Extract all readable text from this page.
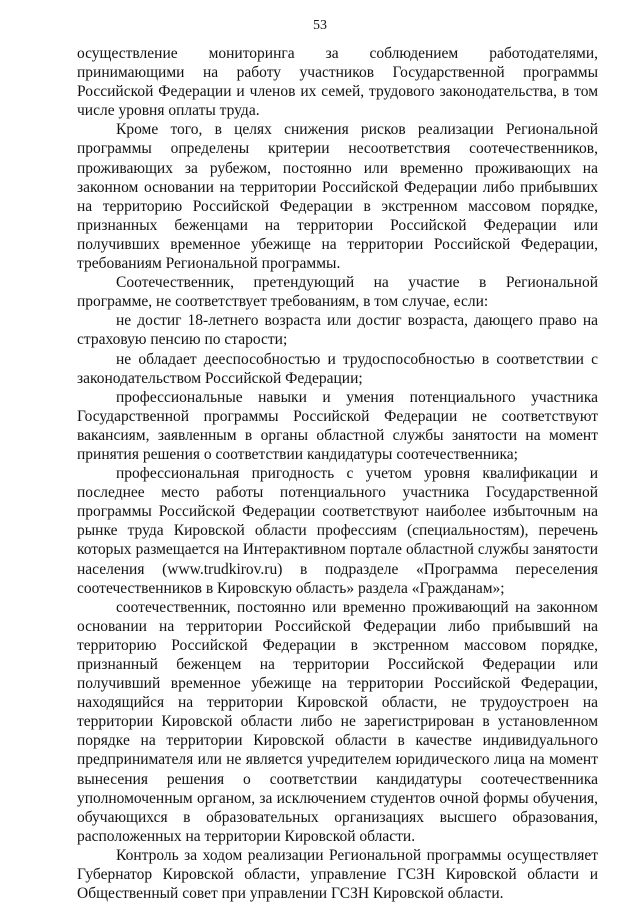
53

осуществление мониторинга за соблюдением работодателями, принимающими на работу участников Государственной программы Российской Федерации и членов их семей, трудового законодательства, в том числе уровня оплаты труда.

Кроме того, в целях снижения рисков реализации Региональной программы определены критерии несоответствия соотечественников, проживающих за рубежом, постоянно или временно проживающих на законном основании на территории Российской Федерации либо прибывших на территорию Российской Федерации в экстренном массовом порядке, признанных беженцами на территории Российской Федерации или получивших временное убежище на территории Российской Федерации, требованиям Региональной программы.

Соотечественник, претендующий на участие в Региональной программе, не соответствует требованиям, в том случае, если:

не достиг 18-летнего возраста или достиг возраста, дающего право на страховую пенсию по старости;

не обладает дееспособностью и трудоспособностью в соответствии с законодательством Российской Федерации;

профессиональные навыки и умения потенциального участника Государственной программы Российской Федерации не соответствуют вакансиям, заявленным в органы областной службы занятости на момент принятия решения о соответствии кандидатуры соотечественника;

профессиональная пригодность с учетом уровня квалификации и последнее место работы потенциального участника Государственной программы Российской Федерации соответствуют наиболее избыточным на рынке труда Кировской области профессиям (специальностям), перечень которых размещается на Интерактивном портале областной службы занятости населения (www.trudkirov.ru) в подразделе «Программа переселения соотечественников в Кировскую область» раздела «Гражданам»;

соотечественник, постоянно или временно проживающий на законном основании на территории Российской Федерации либо прибывший на территорию Российской Федерации в экстренном массовом порядке, признанный беженцем на территории Российской Федерации или получивший временное убежище на территории Российской Федерации, находящийся на территории Кировской области, не трудоустроен на территории Кировской области либо не зарегистрирован в установленном порядке на территории Кировской области в качестве индивидуального предпринимателя или не является учредителем юридического лица на момент вынесения решения о соответствии кандидатуры соотечественника уполномоченным органом, за исключением студентов очной формы обучения, обучающихся в образовательных организациях высшего образования, расположенных на территории Кировской области.

Контроль за ходом реализации Региональной программы осуществляет Губернатор Кировской области, управление ГСЗН Кировской области и Общественный совет при управлении ГСЗН Кировской области.
